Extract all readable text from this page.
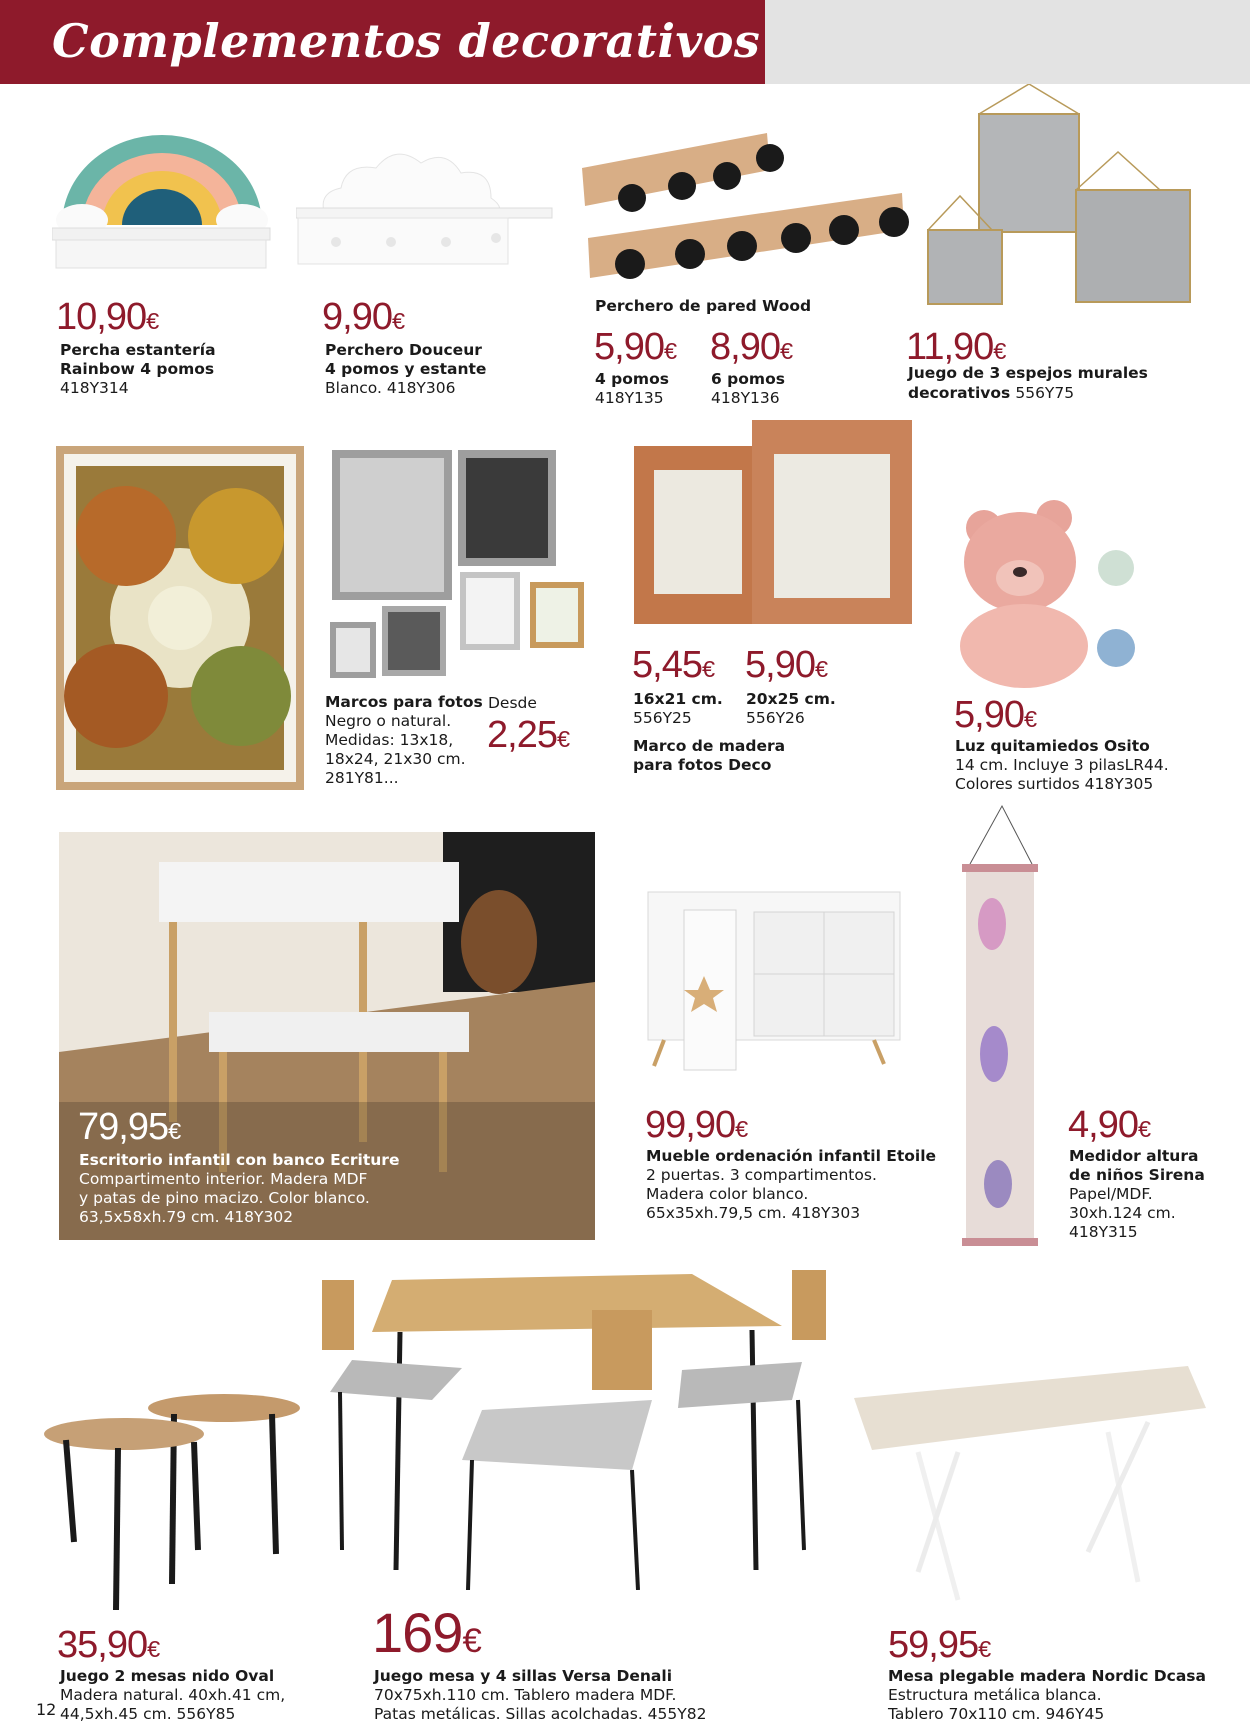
Complementos decorativos
10,90€
Percha estantería
Rainbow 4 pomos
418Y314
9,90€
Perchero Douceur
4 pomos y estante
Blanco. 418Y306
Perchero de pared Wood
5,90€
4 pomos
418Y135
8,90€
6 pomos
418Y136
11,90€
Juego de 3 espejos murales
decorativos 556Y75
Marcos para fotos
Negro o natural.
Medidas: 13x18,
18x24, 21x30 cm.
281Y81...
Desde
2,25€
5,45€
16x21 cm.
556Y25
5,90€
20x25 cm.
556Y26
Marco de madera
para fotos Deco
5,90€
Luz quitamiedos Osito
14 cm. Incluye 3 pilasLR44.
Colores surtidos 418Y305
79,95€
Escritorio infantil con banco Ecriture
Compartimento interior. Madera MDF
y patas de pino macizo. Color blanco.
63,5x58xh.79 cm. 418Y302
99,90€
Mueble ordenación infantil Etoile
2 puertas. 3 compartimentos.
Madera color blanco.
65x35xh.79,5 cm. 418Y303
4,90€
Medidor altura
de niños Sirena
Papel/MDF.
30xh.124 cm.
418Y315
35,90€
Juego 2 mesas nido Oval
Madera natural. 40xh.41 cm,
44,5xh.45 cm. 556Y85
169€
Juego mesa y 4 sillas Versa Denali
70x75xh.110 cm. Tablero madera MDF.
Patas metálicas. Sillas acolchadas. 455Y82
59,95€
Mesa plegable madera Nordic Dcasa
Estructura metálica blanca.
Tablero 70x110 cm. 946Y45
12
